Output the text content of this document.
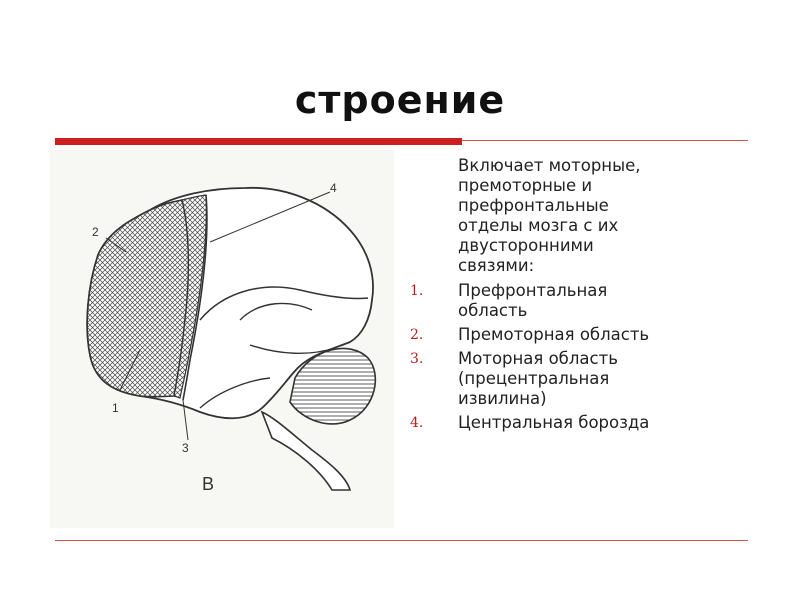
строение
1
2
3
4
B
Включает моторные,
премоторные и
префронтальные
отделы мозга с их
двусторонними
связями:
1.	Префронтальная
область
2.	Премоторная область
3.	Моторная область
(прецентральная
извилина)
4.	Центральная борозда
